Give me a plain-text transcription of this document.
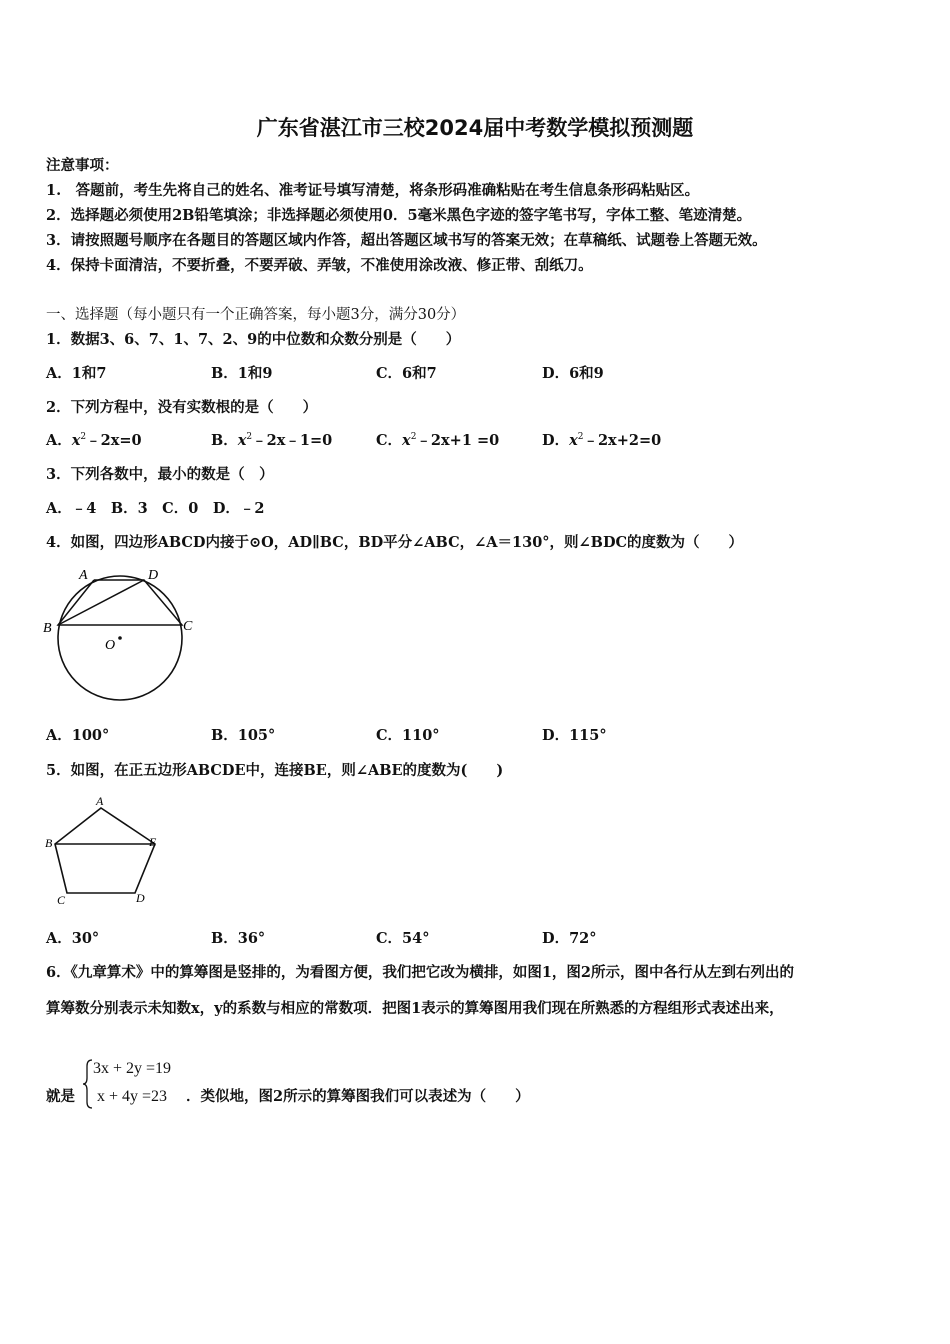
广东省湛江市三校2024届中考数学模拟预测题
注意事项：
1.　答题前，考生先将自己的姓名、准考证号填写清楚，将条形码准确粘贴在考生信息条形码粘贴区。
2．选择题必须使用2B铅笔填涂；非选择题必须使用0．5毫米黑色字迹的签字笔书写，字体工整、笔迹清楚。
3．请按照题号顺序在各题目的答题区域内作答，超出答题区域书写的答案无效；在草稿纸、试题卷上答题无效。
4．保持卡面清洁，不要折叠，不要弄破、弄皱，不准使用涂改液、修正带、刮纸刀。
一、选择题（每小题只有一个正确答案，每小题3分，满分30分）
1．数据3、6、7、1、7、2、9的中位数和众数分别是（　　）
A．1和7	B．1和9	C．6和7	D．6和9
2．下列方程中，没有实数根的是（　　）
A．$x^2﹣2x=0$	B．$x^2﹣2x﹣1=0$	C．$x^2﹣2x+1 =0$	D．$x^2﹣2x+2=0$
3．下列各数中，最小的数是（　）
A．﹣4　B．3　C．0　D．﹣2
4．如图，四边形ABCD内接于⊙O，AD∥BC，BD平分∠ABC，∠A＝130°，则∠BDC的度数为（　　）
A	D
B	C
O
A．100°	B．105°	C．110°	D．115°
5．如图，在正五边形ABCDE中，连接BE，则∠ABE的度数为(　　)
A
B
C	D
E
A．30°	B．36°	C．54°	D．72°
6．《九章算术》中的算筹图是竖排的，为看图方便，我们把它改为横排，如图1，图2所示，图中各行从左到右列出的
算筹数分别表示未知数x，y的系数与相应的常数项．把图1表示的算筹图用我们现在所熟悉的方程组形式表述出来，
就是
3x + 2y =19
x + 4y =23 ．类似地，图2所示的算筹图我们可以表述为（　　）
